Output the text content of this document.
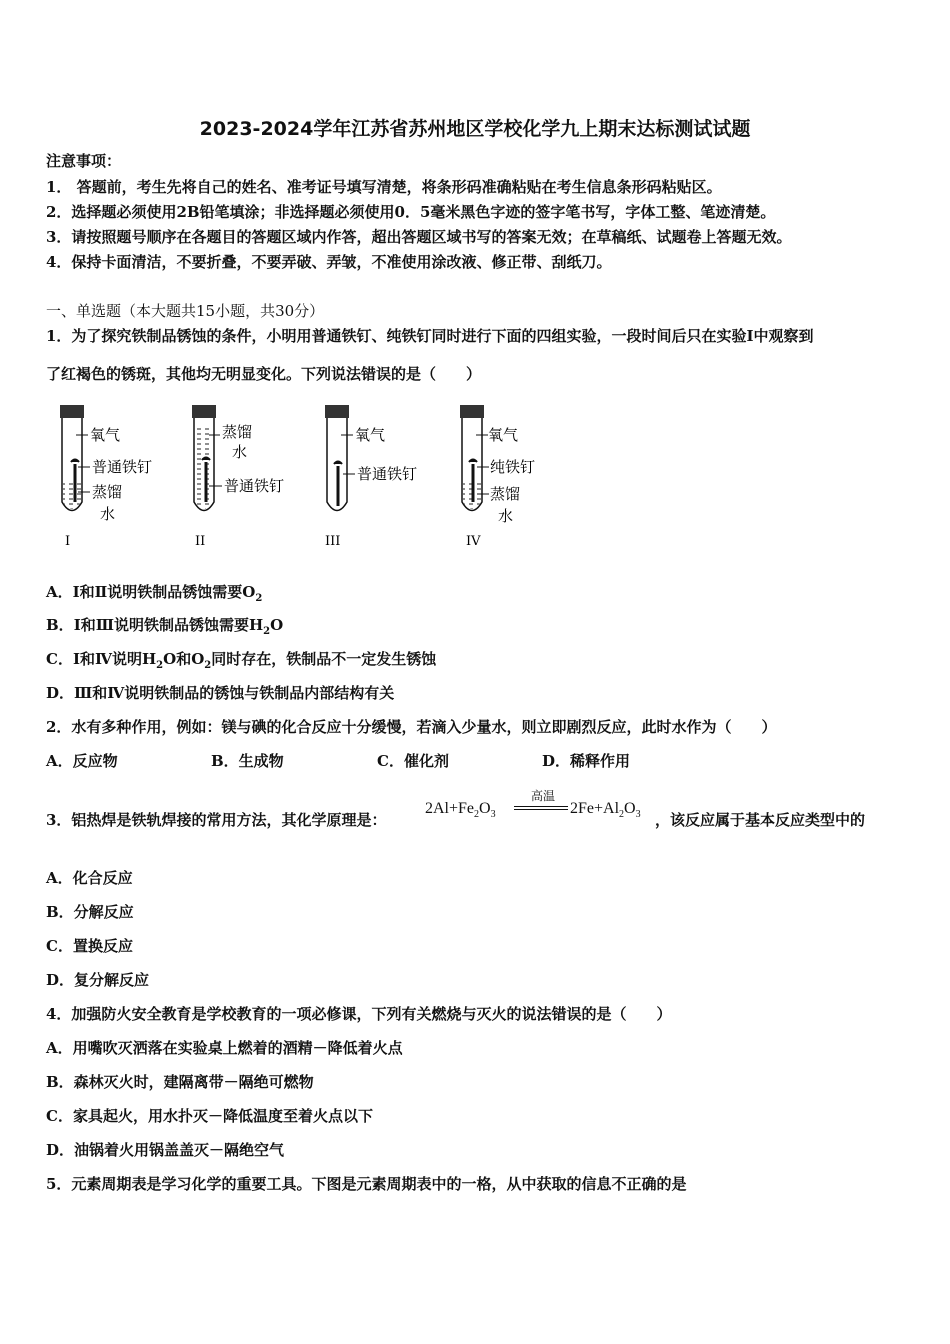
2023-2024学年江苏省苏州地区学校化学九上期末达标测试试题
注意事项：
1． 答题前，考生先将自己的姓名、准考证号填写清楚，将条形码准确粘贴在考生信息条形码粘贴区。
2．选择题必须使用2B铅笔填涂；非选择题必须使用0．5毫米黑色字迹的签字笔书写，字体工整、笔迹清楚。
3．请按照题号顺序在各题目的答题区域内作答，超出答题区域书写的答案无效；在草稿纸、试题卷上答题无效。
4．保持卡面清洁，不要折叠，不要弄破、弄皱，不准使用涂改液、修正带、刮纸刀。
一、单选题（本大题共15小题，共30分）
1．为了探究铁制品锈蚀的条件，小明用普通铁钉、纯铁钉同时进行下面的四组实验，一段时间后只在实验Ⅰ中观察到
了红褐色的锈斑，其他均无明显变化。下列说法错误的是（　　）
氧气
普通铁钉
蒸馏
水
I
蒸馏
水
普通铁钉
II
氧气
普通铁钉
III
氧气
纯铁钉
蒸馏
水
IV
A．Ⅰ和Ⅱ说明铁制品锈蚀需要$O_2$
B．Ⅰ和Ⅲ说明铁制品锈蚀需要$H_2O$
C．Ⅰ和Ⅳ说明$H_2O$和$O_2$同时存在，铁制品不一定发生锈蚀
D．Ⅲ和Ⅳ说明铁制品的锈蚀与铁制品内部结构有关
2．水有多种作用，例如：镁与碘的化合反应十分缓慢，若滴入少量水，则立即剧烈反应，此时水作为（　　）
A．反应物	B．生成物	C．催化剂	D．稀释作用
3．铝热焊是铁轨焊接的常用方法，其化学原理是：
$2Al+Fe_2O_3$
高温
$2Fe+Al_2O_3$ ，该反应属于基本反应类型中的
A．化合反应
B．分解反应
C．置换反应
D．复分解反应
4．加强防火安全教育是学校教育的一项必修课，下列有关燃烧与灭火的说法错误的是（　　）
A．用嘴吹灭洒落在实验桌上燃着的酒精－降低着火点
B．森林灭火时，建隔离带－隔绝可燃物
C．家具起火，用水扑灭－降低温度至着火点以下
D．油锅着火用锅盖盖灭－隔绝空气
5．元素周期表是学习化学的重要工具。下图是元素周期表中的一格，从中获取的信息不正确的是
